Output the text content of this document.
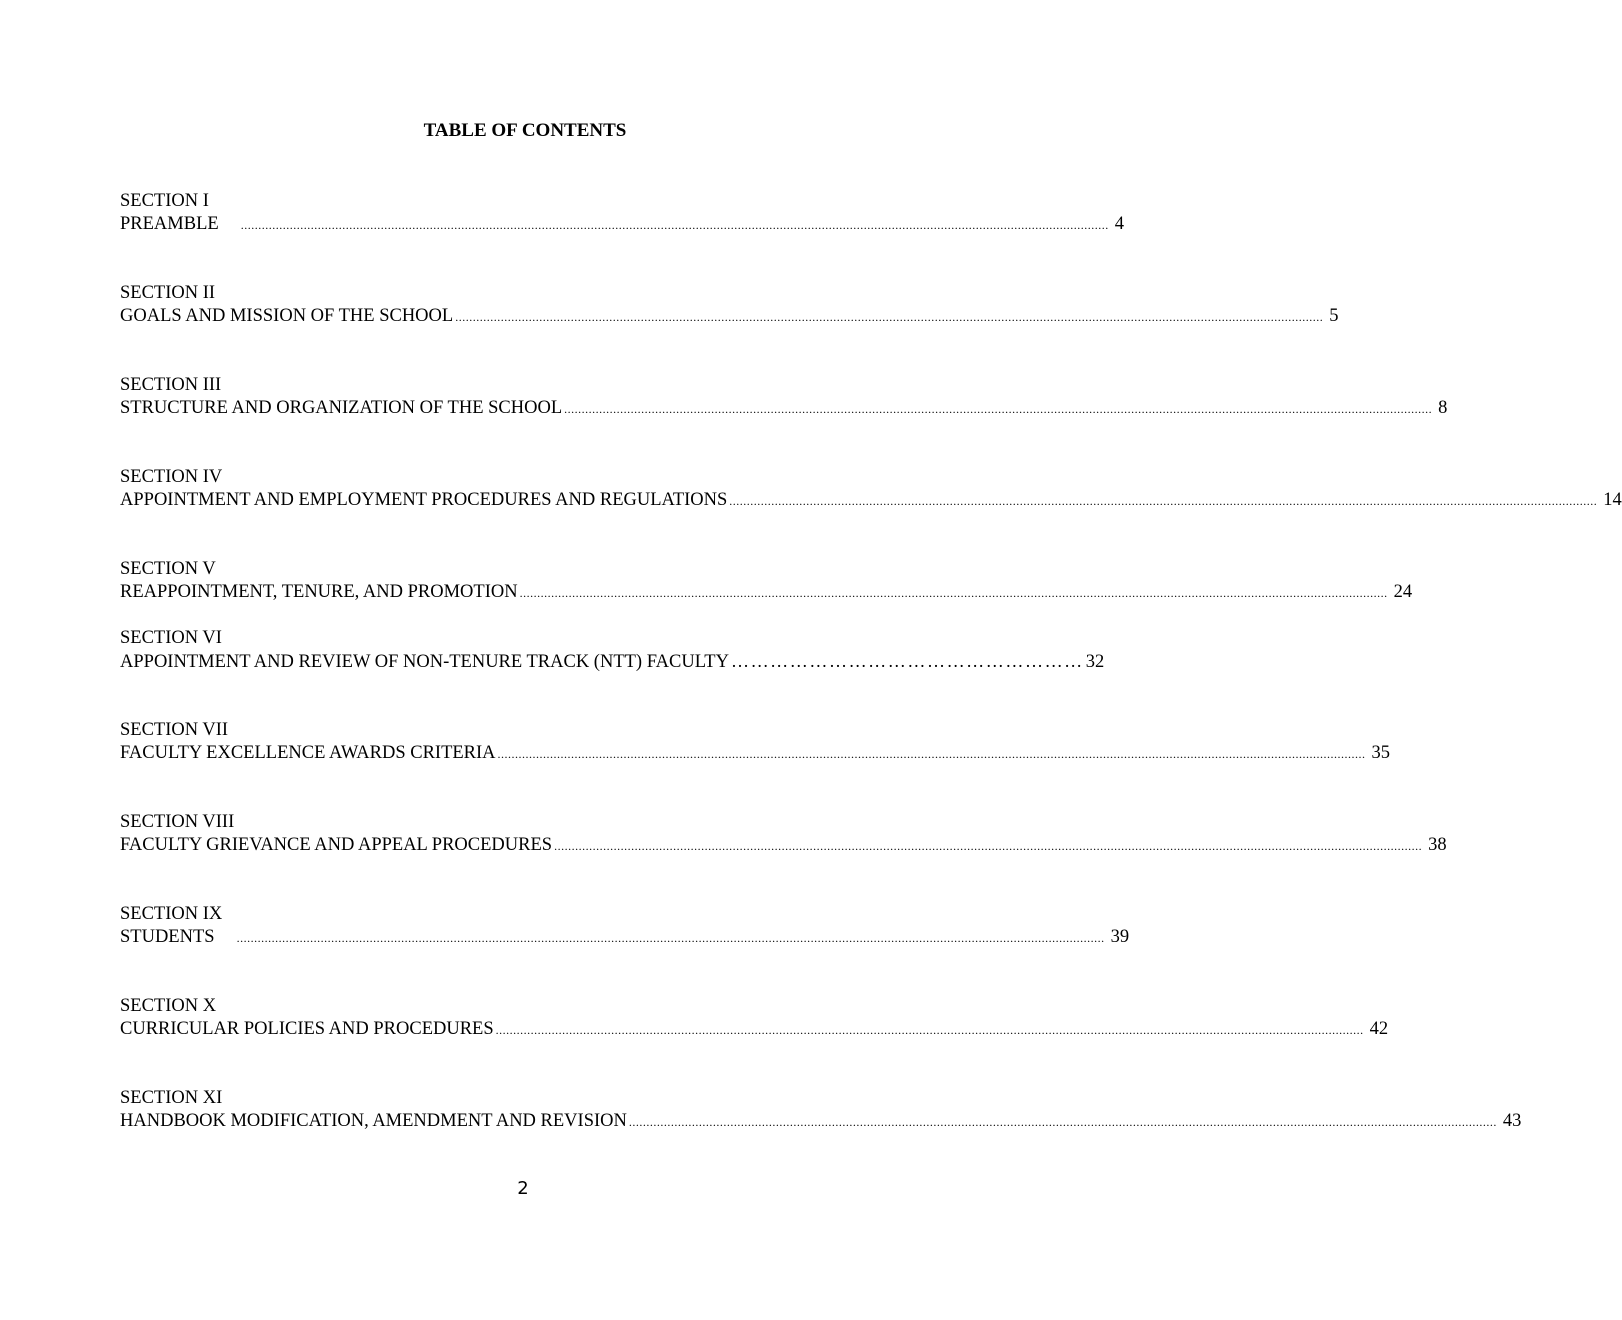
TABLE OF CONTENTS
SECTION I
PREAMBLE ........................................................................................................................................................................................................................................................ 4
SECTION II
GOALS AND MISSION OF THE SCHOOL ........................................................................................................................................................................................................................................................ 5
SECTION III
STRUCTURE AND ORGANIZATION OF THE SCHOOL ........................................................................................................................................................................................................................................................ 8
SECTION IV
APPOINTMENT AND EMPLOYMENT PROCEDURES AND REGULATIONS ........................................................................................................................................................................................................................................................ 14
SECTION V
REAPPOINTMENT, TENURE, AND PROMOTION ........................................................................................................................................................................................................................................................ 24
SECTION VI
APPOINTMENT AND REVIEW OF NON-TENURE TRACK (NTT) FACULTY ……………………………………………… 32
SECTION VII
FACULTY EXCELLENCE AWARDS CRITERIA ........................................................................................................................................................................................................................................................ 35
SECTION VIII
FACULTY GRIEVANCE AND APPEAL PROCEDURES ........................................................................................................................................................................................................................................................ 38
SECTION IX
STUDENTS ........................................................................................................................................................................................................................................................ 39
SECTION X
CURRICULAR POLICIES AND PROCEDURES ........................................................................................................................................................................................................................................................ 42
SECTION XI
HANDBOOK MODIFICATION, AMENDMENT AND REVISION ........................................................................................................................................................................................................................................................ 43
2
